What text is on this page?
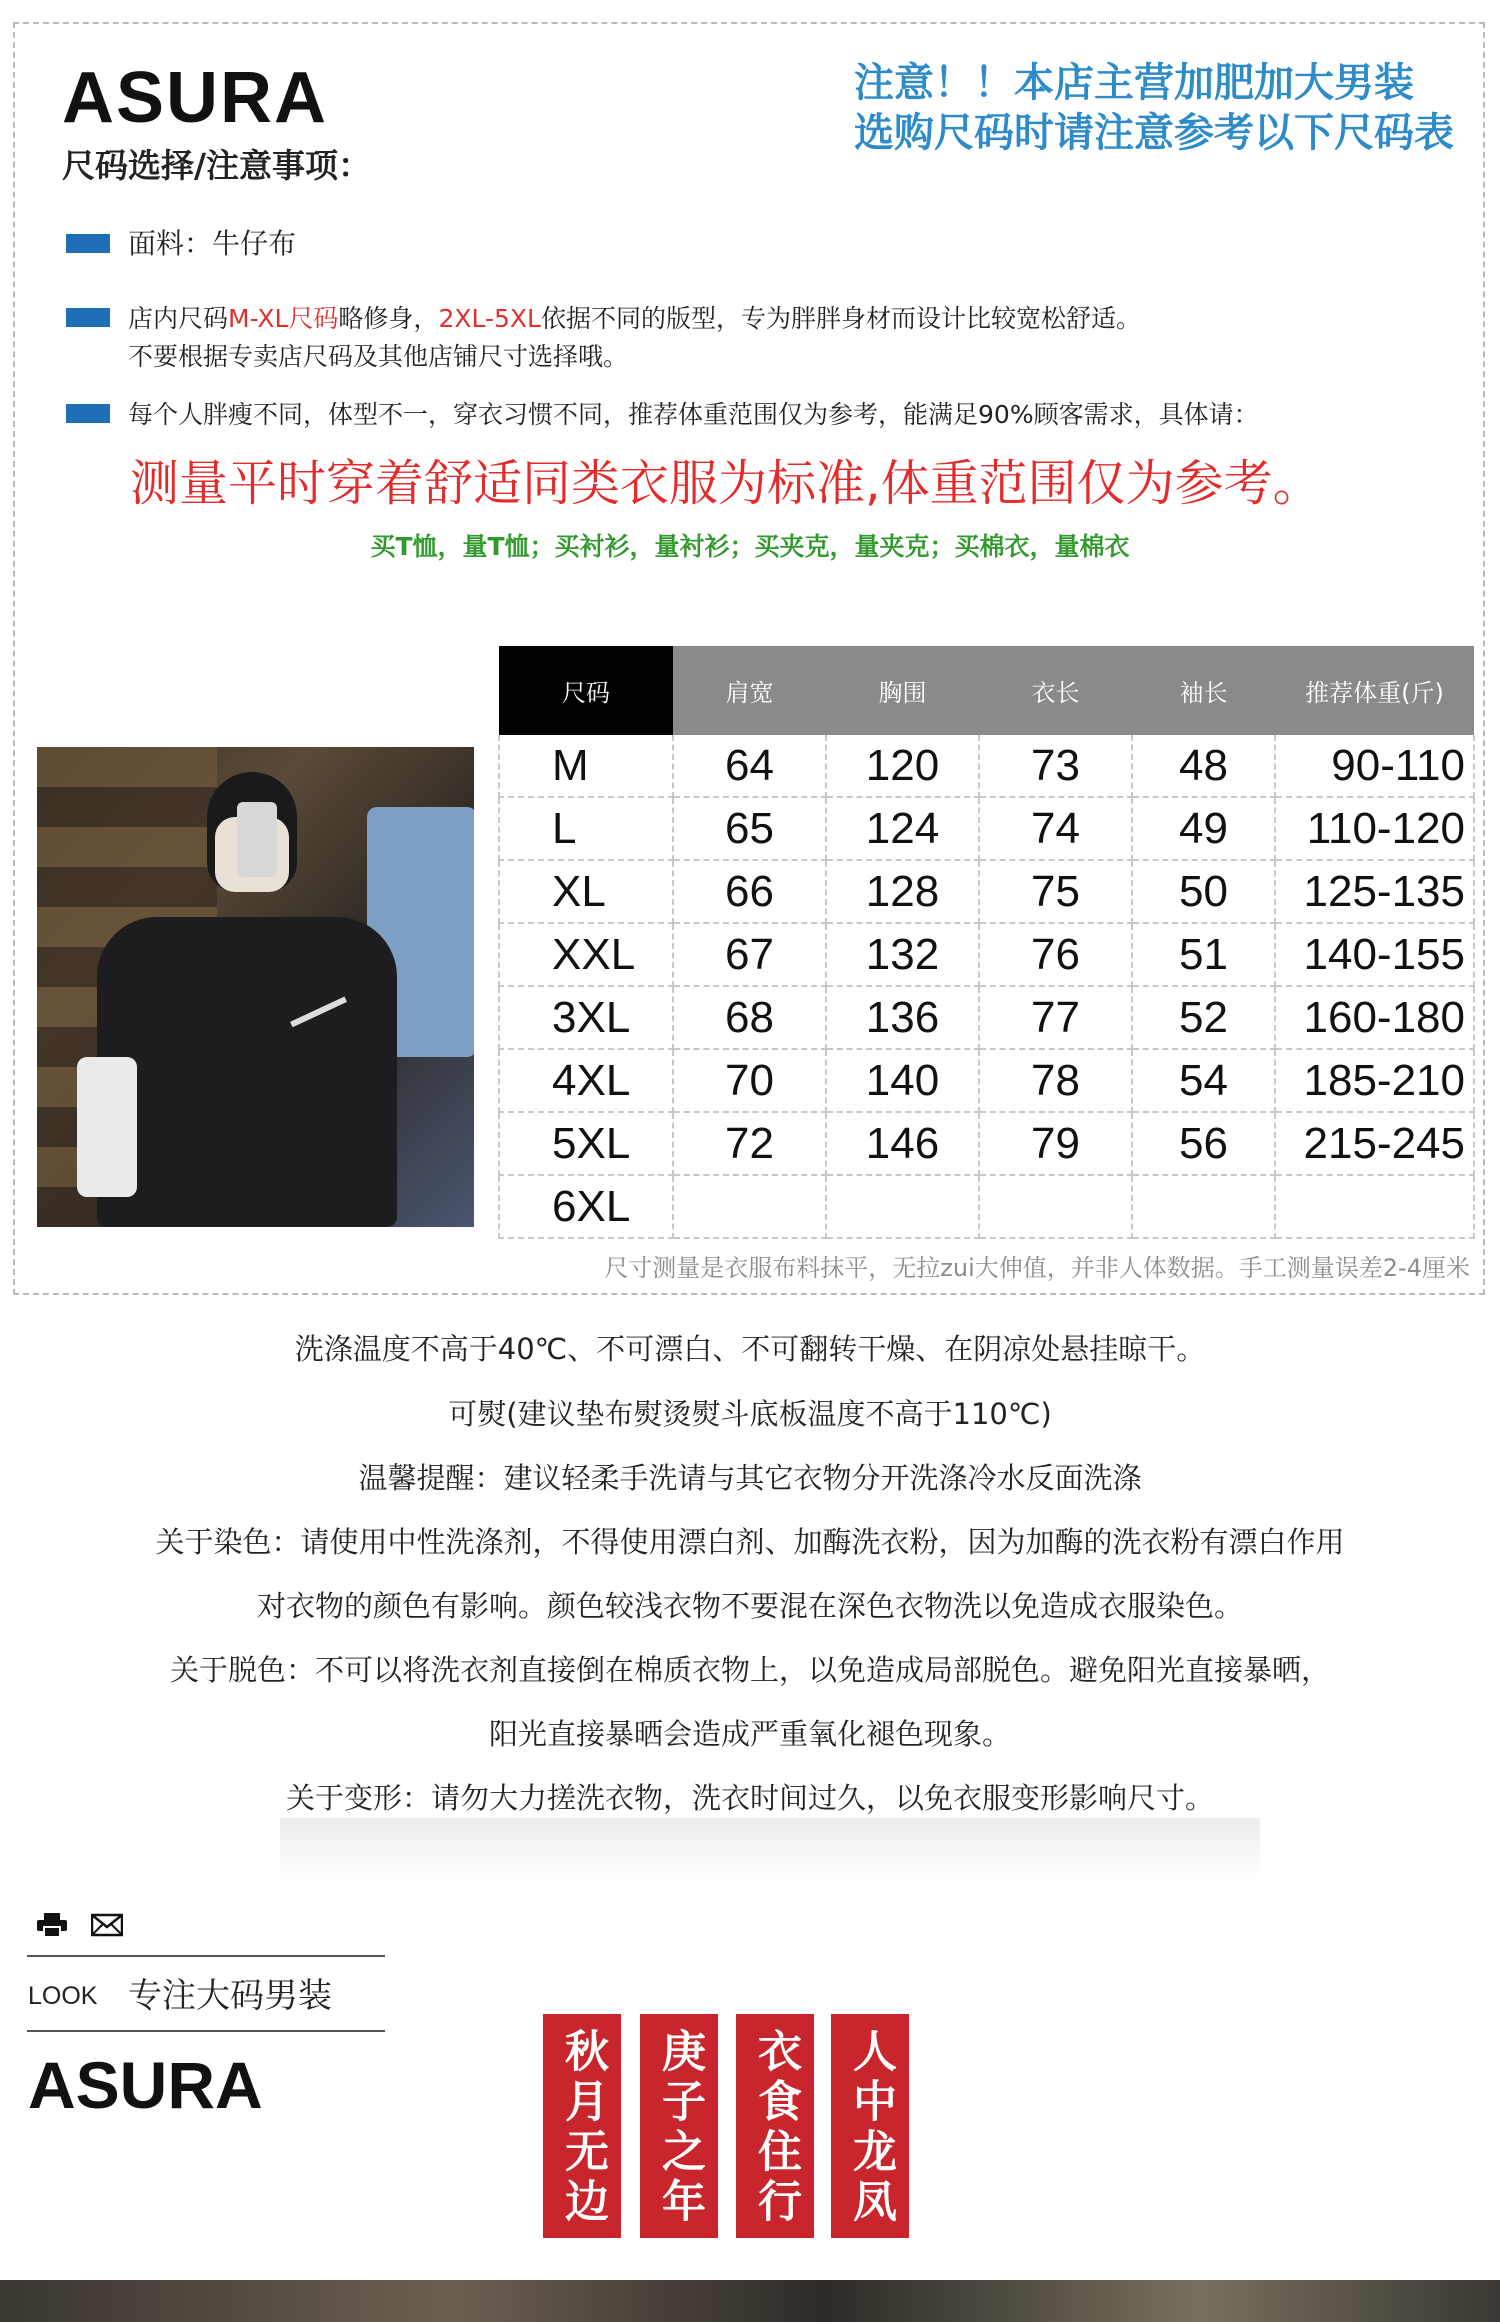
ASURA

尺码选择/注意事项：

注意！！本店主营加肥加大男装
选购尺码时请注意参考以下尺码表
面料：牛仔布
店内尺码M-XL尺码略修身，2XL-5XL依据不同的版型，专为胖胖身材而设计比较宽松舒适。
不要根据专卖店尺码及其他店铺尺寸选择哦。
每个人胖瘦不同，体型不一，穿衣习惯不同，推荐体重范围仅为参考，能满足90%顾客需求，具体请：
测量平时穿着舒适同类衣服为标准,体重范围仅为参考。
买T恤，量T恤；买衬衫，量衬衫；买夹克，量夹克；买棉衣，量棉衣
尺码	肩宽	胸围	衣长	袖长	推荐体重(斤)
M	64	120	73	48	90-110
L	65	124	74	49	110-120
XL	66	128	75	50	125-135
XXL	67	132	76	51	140-155
3XL	68	136	77	52	160-180
4XL	70	140	78	54	185-210
5XL	72	146	79	56	215-245
6XL					
尺寸测量是衣服布料抹平，无拉zui大伸值，并非人体数据。手工测量误差2-4厘米
洗涤温度不高于40℃、不可漂白、不可翻转干燥、在阴凉处悬挂晾干。
可熨(建议垫布熨烫熨斗底板温度不高于110℃)
温馨提醒：建议轻柔手洗请与其它衣物分开洗涤冷水反面洗涤
关于染色：请使用中性洗涤剂，不得使用漂白剂、加酶洗衣粉，因为加酶的洗衣粉有漂白作用
对衣物的颜色有影响。颜色较浅衣物不要混在深色衣物洗以免造成衣服染色。
关于脱色：不可以将洗衣剂直接倒在棉质衣物上，以免造成局部脱色。避免阳光直接暴晒，
阳光直接暴晒会造成严重氧化褪色现象。
关于变形：请勿大力搓洗衣物，洗衣时间过久，以免衣服变形影响尺寸。
LOOK 专注大码男装
ASURA	秋月无边 庚子之年 衣食住行 人中龙凤
